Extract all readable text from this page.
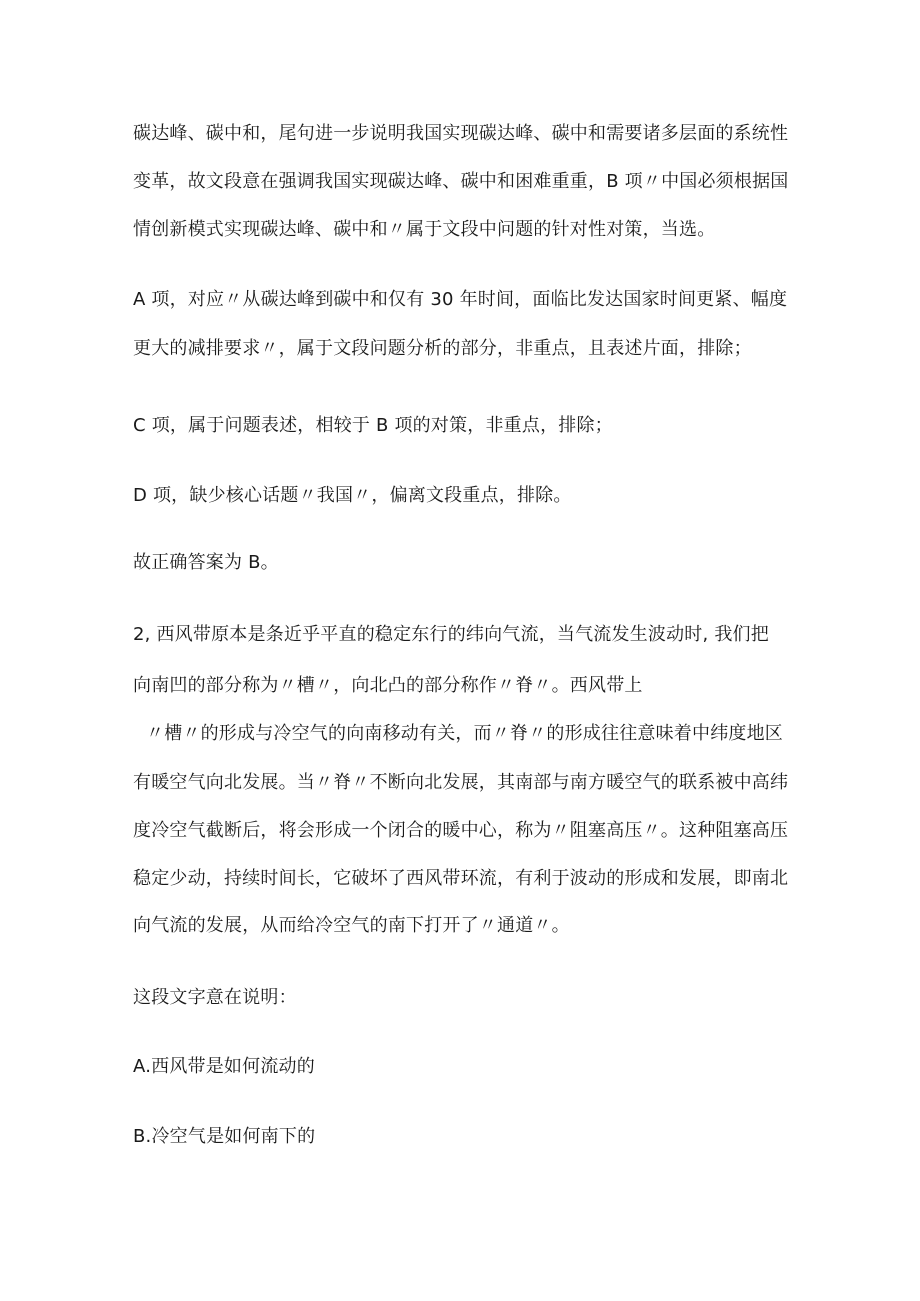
碳达峰、碳中和，尾句进一步说明我国实现碳达峰、碳中和需要诸多层面的系统性
变革，故文段意在强调我国实现碳达峰、碳中和困难重重，B 项〃中国必须根据国
情创新模式实现碳达峰、碳中和〃属于文段中问题的针对性对策，当选。
A 项，对应〃从碳达峰到碳中和仅有 30 年时间，面临比发达国家时间更紧、幅度
更大的减排要求〃，属于文段问题分析的部分，非重点，且表述片面，排除；
C 项，属于问题表述，相较于 B 项的对策，非重点，排除；
D 项，缺少核心话题〃我国〃，偏离文段重点，排除。
故正确答案为 B。
2, 西风带原本是条近乎平直的稳定东行的纬向气流，当气流发生波动时, 我们把
向南凹的部分称为〃槽〃，向北凸的部分称作〃脊〃。西风带上
〃槽〃的形成与冷空气的向南移动有关，而〃脊〃的形成往往意味着中纬度地区
有暖空气向北发展。当〃脊〃不断向北发展，其南部与南方暖空气的联系被中高纬
度冷空气截断后，将会形成一个闭合的暖中心，称为〃阻塞高压〃。这种阻塞高压
稳定少动，持续时间长，它破坏了西风带环流，有利于波动的形成和发展，即南北
向气流的发展，从而给冷空气的南下打开了〃通道〃。
这段文字意在说明：
A.西风带是如何流动的
B.冷空气是如何南下的
